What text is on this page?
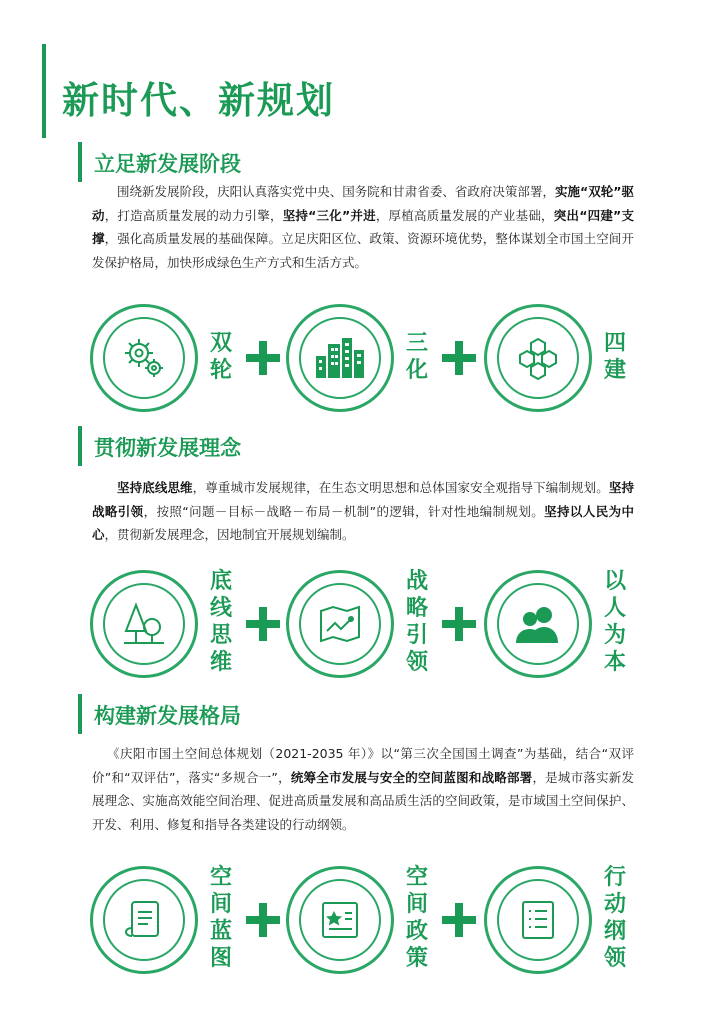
新时代、新规划
立足新发展阶段

围绕新发展阶段，庆阳认真落实党中央、国务院和甘肃省委、省政府决策部署，实施“双轮”驱动，打造高质量发展的动力引擎，坚持“三化”并进，厚植高质量发展的产业基础，突出“四建”支撑，强化高质量发展的基础保障。立足庆阳区位、政策、资源环境优势，整体谋划全市国土空间开发保护格局，加快形成绿色生产方式和生活方式。

双
轮
三
化
四
建
贯彻新发展理念

坚持底线思维，尊重城市发展规律，在生态文明思想和总体国家安全观指导下编制规划。坚持战略引领，按照“问题－目标－战略－布局－机制”的逻辑，针对性地编制规划。坚持以人民为中心，贯彻新发展理念，因地制宜开展规划编制。

底
线
思
维
战
略
引
领
以
人
为
本
构建新发展格局

《庆阳市国土空间总体规划（2021-2035 年）》以“第三次全国国土调查”为基础，结合“双评价”和“双评估”，落实“多规合一”，统筹全市发展与安全的空间蓝图和战略部署，是城市落实新发展理念、实施高效能空间治理、促进高质量发展和高品质生活的空间政策，是市域国土空间保护、开发、利用、修复和指导各类建设的行动纲领。

空
间
蓝
图
空
间
政
策
行
动
纲
领
